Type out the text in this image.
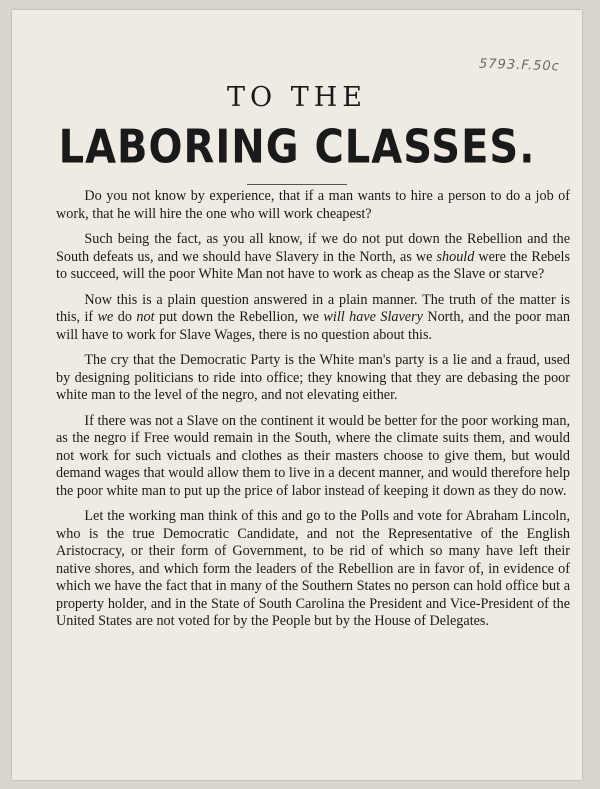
5793.F.50c
TO THE
LABORING CLASSES.

Do you not know by experience, that if a man wants to hire a person to do a job of work, that he will hire the one who will work cheapest?

Such being the fact, as you all know, if we do not put down the Rebellion and the South defeats us, and we should have Slavery in the North, as we should were the Rebels to succeed, will the poor White Man not have to work as cheap as the Slave or starve?

Now this is a plain question answered in a plain manner. The truth of the matter is this, if we do not put down the Rebellion, we will have Slavery North, and the poor man will have to work for Slave Wages, there is no question about this.

The cry that the Democratic Party is the White man's party is a lie and a fraud, used by designing politicians to ride into office; they knowing that they are debasing the poor white man to the level of the negro, and not elevating either.

If there was not a Slave on the continent it would be better for the poor working man, as the negro if Free would remain in the South, where the climate suits them, and would not work for such victuals and clothes as their masters choose to give them, but would demand wages that would allow them to live in a decent manner, and would therefore help the poor white man to put up the price of labor instead of keeping it down as they do now.

Let the working man think of this and go to the Polls and vote for Abraham Lincoln, who is the true Democratic Candidate, and not the Representative of the English Aristocracy, or their form of Government, to be rid of which so many have left their native shores, and which form the leaders of the Rebellion are in favor of, in evidence of which we have the fact that in many of the Southern States no person can hold office but a property holder, and in the State of South Carolina the President and Vice-President of the United States are not voted for by the People but by the House of Delegates.
